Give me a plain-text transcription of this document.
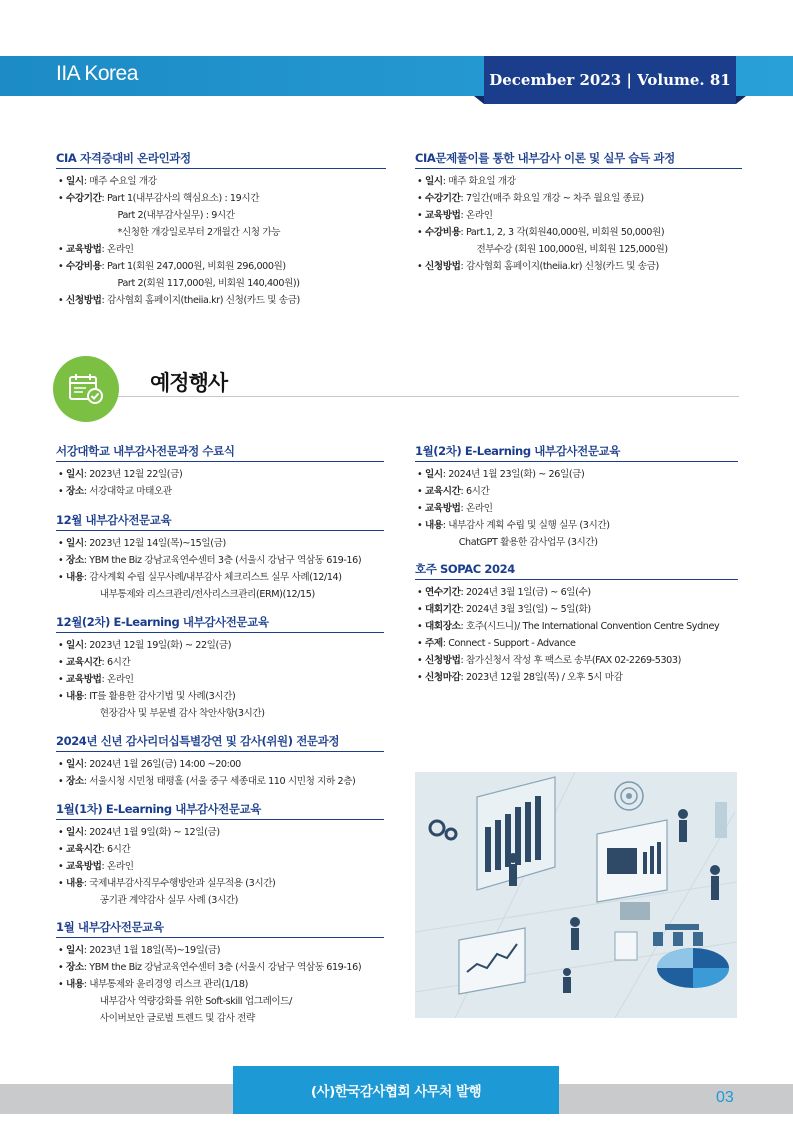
IIA Korea	December 2023 | Volume. 81
CIA 자격증대비 온라인과정
• 일시 : 매주 수요일 개강
• 수강기간 : Part 1(내부감사의 핵심요소) : 19시간
Part 2(내부감사실무) : 9시간
*신청한 개강일로부터 2개월간 시청 가능
• 교육방법 : 온라인
• 수강비용 : Part 1(회원 247,000원, 비회원 296,000원)
Part 2(회원 117,000원, 비회원 140,400원))
• 신청방법 : 감사협회 홈페이지(theiia.kr) 신청(카드 및 송금)
CIA문제풀이를 통한 내부감사 이론 및 실무 습득 과정
• 일시 : 매주 화요일 개강
• 수강기간 : 7일간(매주 화요일 개강 ~ 차주 월요일 종료)
• 교육방법 : 온라인
• 수강비용 : Part.1, 2, 3 각(회원40,000원, 비회원 50,000원)
전부수강 (회원 100,000원, 비회원 125,000원)
• 신청방법 : 감사협회 홈페이지(theiia.kr) 신청(카드 및 송금)
예정행사
서강대학교 내부감사전문과정 수료식
• 일시 : 2023년 12월 22일(금)
• 장소 : 서강대학교 마태오관
12월 내부감사전문교육
• 일시 : 2023년 12월 14일(목)~15일(금)
• 장소 : YBM the Biz 강남교육연수센터 3층 (서울시 강남구 역삼동 619-16)
• 내용 : 감사계획 수립 실무사례/내부감사 체크리스트 실무 사례(12/14)
내부통제와 리스크관리/전사리스크관리(ERM)(12/15)
12월(2차) E-Learning 내부감사전문교육
• 일시 : 2023년 12월 19일(화) ~ 22일(금)
• 교육시간 : 6시간
• 교육방법 : 온라인
• 내용 : IT를 활용한 감사기법 및 사례(3시간)
현장감사 및 부문별 감사 착안사항(3시간)
2024년 신년 감사리더십특별강연 및 감사(위원) 전문과정
• 일시 : 2024년 1월 26일(금) 14:00 ~20:00
• 장소 : 서울시청 시민청 태평홀 (서울 중구 세종대로 110 시민청 지하 2층)
1월(1차) E-Learning 내부감사전문교육
• 일시 : 2024년 1월 9일(화) ~ 12일(금)
• 교육시간 : 6시간
• 교육방법 : 온라인
• 내용 : 국제내부감사직무수행방안과 실무적용 (3시간)
공기관 계약감사 실무 사례 (3시간)
1월 내부감사전문교육
• 일시 : 2023년 1월 18일(목)~19일(금)
• 장소 : YBM the Biz 강남교육연수센터 3층 (서울시 강남구 역삼동 619-16)
• 내용 : 내부통제와 윤리경영 리스크 관리(1/18)
내부감사 역량강화를 위한 Soft-skill 업그레이드/
사이버보안 글로벌 트렌드 및 감사 전략
1월(2차) E-Learning 내부감사전문교육
• 일시 : 2024년 1월 23일(화) ~ 26일(금)
• 교육시간 : 6시간
• 교육방법 : 온라인
• 내용 : 내부감사 계획 수립 및 실행 실무 (3시간)
ChatGPT 활용한 감사업무 (3시간)
호주 SOPAC 2024
• 연수기간 : 2024년 3월 1일(금) ~ 6일(수)
• 대회기간 : 2024년 3월 3일(일) ~ 5일(화)
• 대회장소 : 호주(시드니)/ The International Convention Centre Sydney
• 주제 : Connect - Support - Advance
• 신청방법 : 참가신청서 작성 후 팩스로 송부(FAX 02-2269-5303)
• 신청마감 : 2023년 12월 28일(목) / 오후 5시 마감
(사)한국감사협회 사무처 발행	03
